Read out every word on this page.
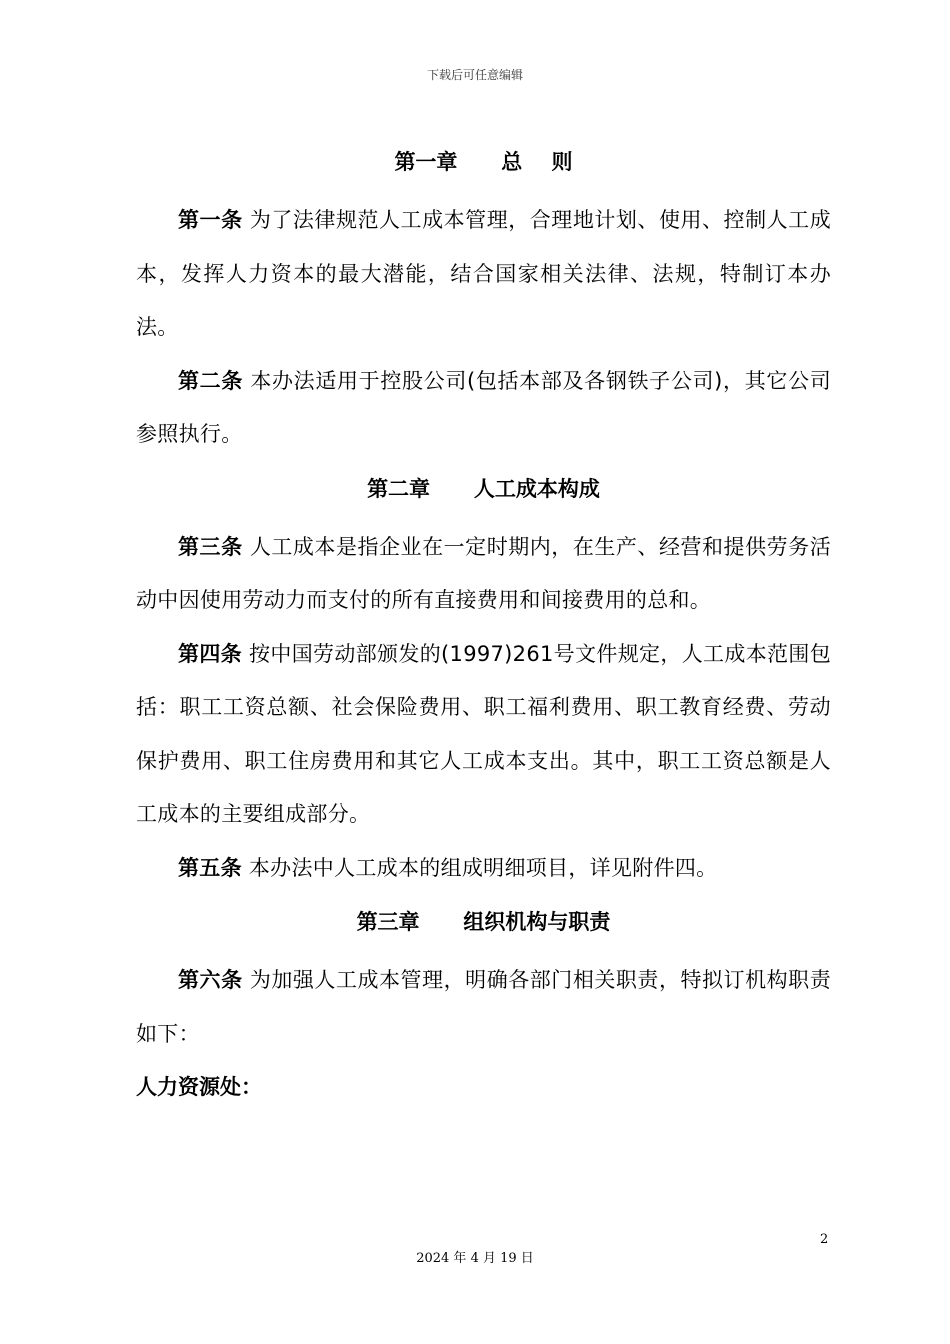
下载后可任意编辑
第一章      总    则

第一条 为了法律规范人工成本管理，合理地计划、使用、控制人工成本，发挥人力资本的最大潜能，结合国家相关法律、法规，特制订本办法。

第二条 本办法适用于控股公司(包括本部及各钢铁子公司)，其它公司参照执行。

第二章      人工成本构成

第三条 人工成本是指企业在一定时期内，在生产、经营和提供劳务活动中因使用劳动力而支付的所有直接费用和间接费用的总和。

第四条 按中国劳动部颁发的(1997)261号文件规定，人工成本范围包括：职工工资总额、社会保险费用、职工福利费用、职工教育经费、劳动保护费用、职工住房费用和其它人工成本支出。其中，职工工资总额是人工成本的主要组成部分。

第五条 本办法中人工成本的组成明细项目，详见附件四。

第三章      组织机构与职责

第六条 为加强人工成本管理，明确各部门相关职责，特拟订机构职责如下：

人力资源处：

2
2024 年 4 月 19 日
